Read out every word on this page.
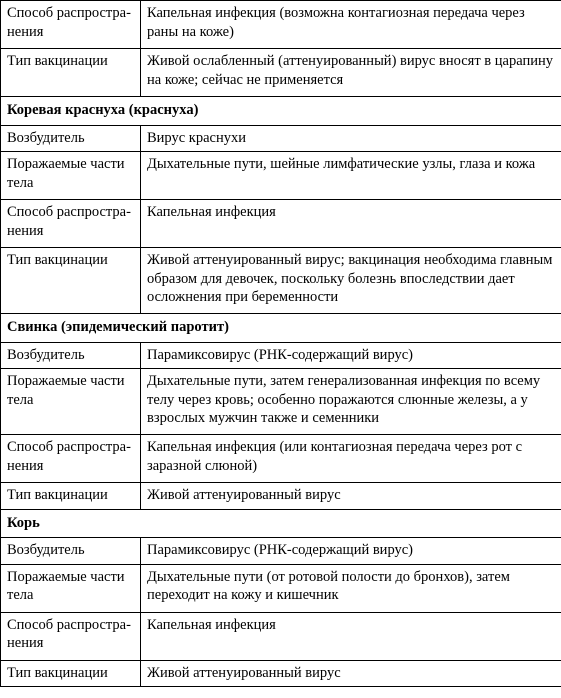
Способ распростра-нения	Капельная инфекция (возможна контагиозная передача через раны на коже)
Тип вакцинации	Живой ослабленный (аттенуированный) вирус вносят в царапину на коже; сейчас не применяется
Коревая краснуха (краснуха)	
Возбудитель	Вирус краснухи
Поражаемые части тела	Дыхательные пути, шейные лимфатические узлы, глаза и кожа
Способ распростра-нения	Капельная инфекция
Тип вакцинации	Живой аттенуированный вирус; вакцинация необходима главным образом для девочек, поскольку болезнь впоследствии дает осложнения при беременности
Свинка (эпидемический паротит)	
Возбудитель	Парамиксовирус (РНК-содержащий вирус)
Поражаемые части тела	Дыхательные пути, затем генерализованная инфекция по всему телу через кровь; особенно поражаются слюнные железы, а у взрослых мужчин также и семенники
Способ распростра-нения	Капельная инфекция (или контагиозная передача через рот с заразной слюной)
Тип вакцинации	Живой аттенуированный вирус
Корь	
Возбудитель	Парамиксовирус (РНК-содержащий вирус)
Поражаемые части тела	Дыхательные пути (от ротовой полости до бронхов), затем переходит на кожу и кишечник
Способ распростра-нения	Капельная инфекция
Тип вакцинации	Живой аттенуированный вирус
